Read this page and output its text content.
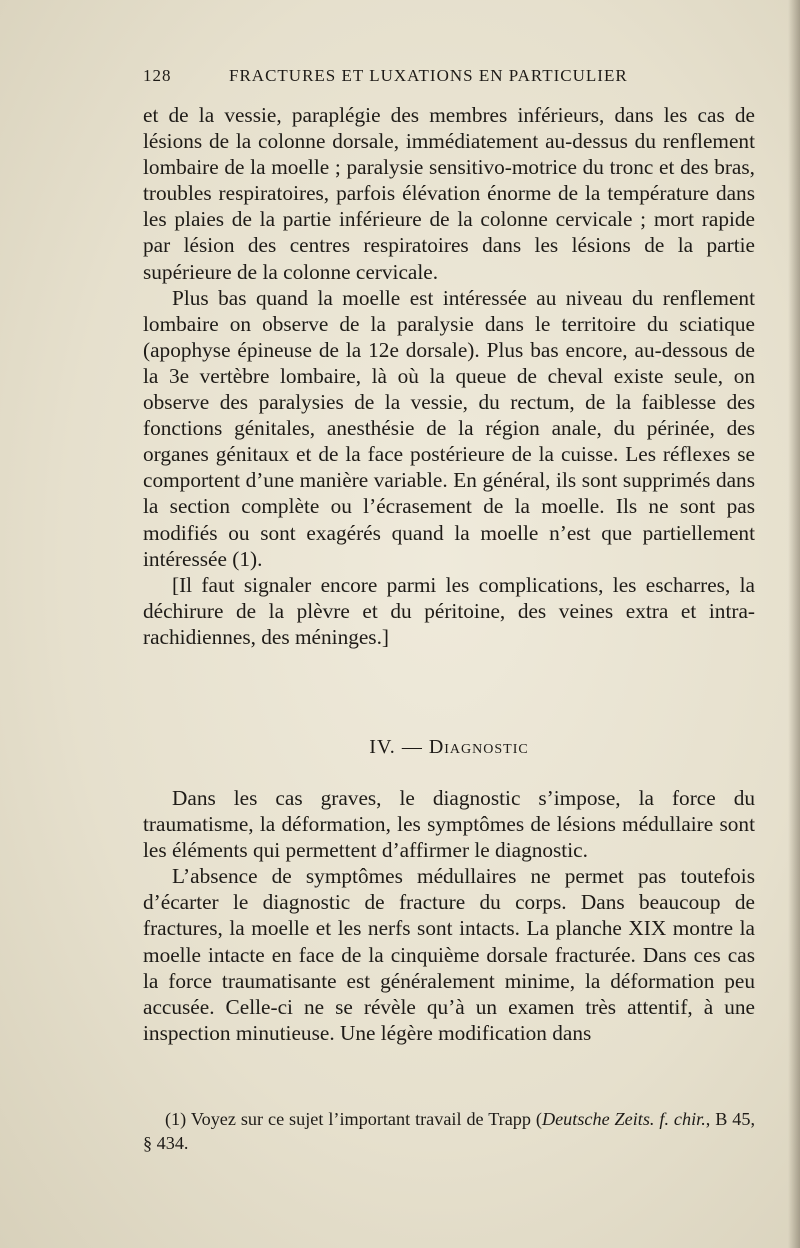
128	FRACTURES ET LUXATIONS EN PARTICULIER

et de la vessie, paraplégie des membres inférieurs, dans les cas de lésions de la colonne dorsale, immédiatement au-dessus du renflement lombaire de la moelle ; paralysie sensitivo-motrice du tronc et des bras, troubles respiratoires, parfois élévation énorme de la température dans les plaies de la partie inférieure de la colonne cervicale ; mort rapide par lésion des centres respiratoires dans les lésions de la partie supérieure de la colonne cervicale.

Plus bas quand la moelle est intéressée au niveau du renflement lombaire on observe de la paralysie dans le territoire du sciatique (apophyse épineuse de la 12e dorsale). Plus bas encore, au-dessous de la 3e vertèbre lombaire, là où la queue de cheval existe seule, on observe des paralysies de la vessie, du rectum, de la faiblesse des fonctions génitales, anesthésie de la région anale, du périnée, des organes génitaux et de la face postérieure de la cuisse. Les réflexes se comportent d’une manière variable. En général, ils sont supprimés dans la section complète ou l’écrasement de la moelle. Ils ne sont pas modifiés ou sont exagérés quand la moelle n’est que partiellement intéressée (1).

[Il faut signaler encore parmi les complications, les escharres, la déchirure de la plèvre et du péritoine, des veines extra et intra-rachidiennes, des méninges.]

IV. — Diagnostic

Dans les cas graves, le diagnostic s’impose, la force du traumatisme, la déformation, les symptômes de lésions médullaire sont les éléments qui permettent d’affirmer le diagnostic.

L’absence de symptômes médullaires ne permet pas toutefois d’écarter le diagnostic de fracture du corps. Dans beaucoup de fractures, la moelle et les nerfs sont intacts. La planche XIX montre la moelle intacte en face de la cinquième dorsale fracturée. Dans ces cas la force traumatisante est généralement minime, la déformation peu accusée. Celle-ci ne se révèle qu’à un examen très attentif, à une inspection minutieuse. Une légère modification dans

(1) Voyez sur ce sujet l’important travail de Trapp (Deutsche Zeits. f. chir., B 45, § 434.
